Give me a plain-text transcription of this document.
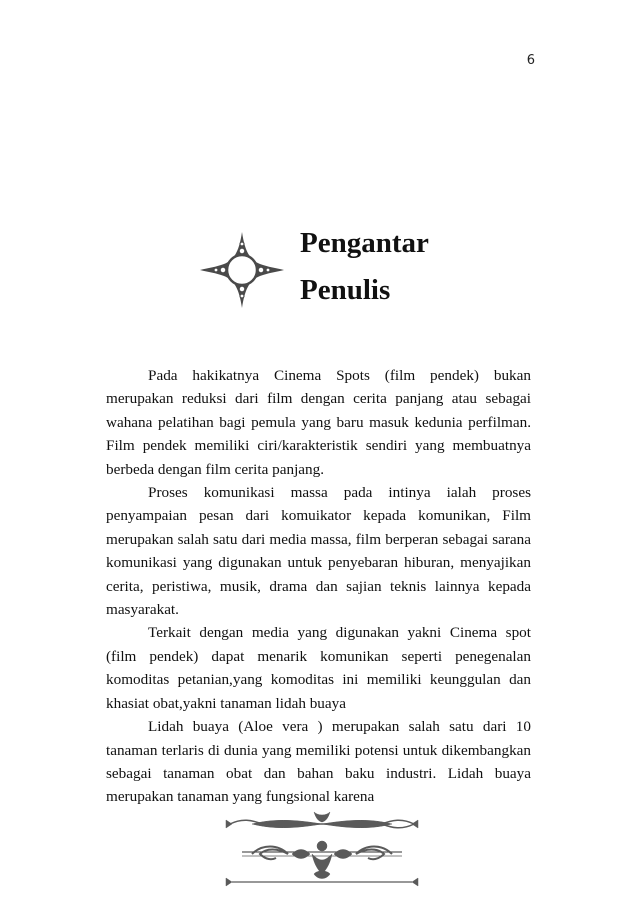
6
Pengantar
Penulis

Pada hakikatnya Cinema Spots (film pendek) bukan merupakan reduksi dari film dengan cerita panjang atau sebagai wahana pelatihan bagi pemula yang baru masuk kedunia perfilman. Film pendek memiliki ciri/karakteristik sendiri yang membuatnya berbeda dengan film cerita panjang.

Proses komunikasi massa pada intinya ialah proses penyampaian pesan dari komuikator kepada komunikan, Film merupakan salah satu dari media massa, film berperan sebagai sarana komunikasi yang digunakan untuk penyebaran hiburan, menyajikan cerita, peristiwa, musik, drama dan sajian teknis lainnya kepada masyarakat.

Terkait dengan media yang digunakan yakni Cinema spot (film pendek) dapat menarik komunikan seperti penegenalan komoditas petanian,yang komoditas ini memiliki keunggulan dan khasiat obat,yakni tanaman lidah buaya

Lidah buaya (Aloe vera ) merupakan salah satu dari 10 tanaman terlaris di dunia yang memiliki potensi untuk dikembangkan sebagai tanaman obat dan bahan baku industri. Lidah buaya merupakan tanaman yang fungsional karena
